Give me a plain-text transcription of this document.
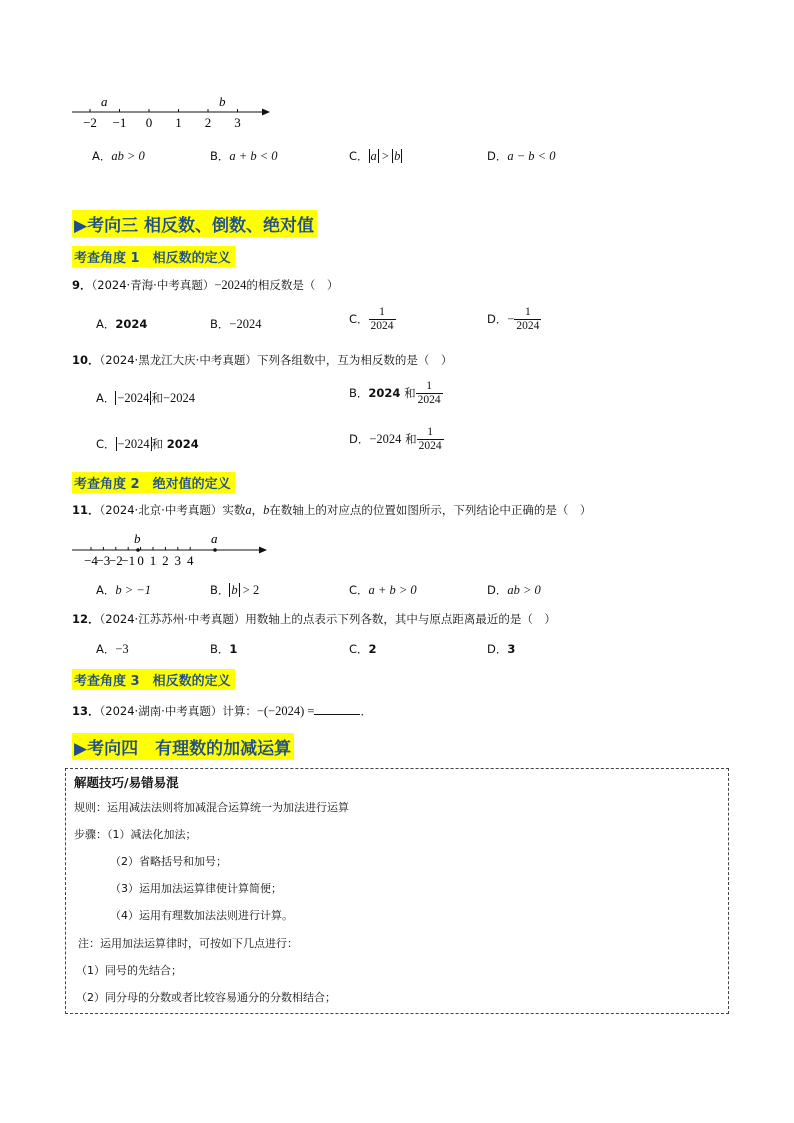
−2 −1 0 1 2 3
a	b
A．ab > 0	B．a + b < 0	C． a > b	D．a − b < 0
▶考向三 相反数、倒数、绝对值
考查角度 1　相反数的定义
9．（2024·青海·中考真题）−2024的相反数是（　）
A．2024	B．−2024	C． $\frac{1}{2024}$	D．− $\frac{1}{2024}$
10．（2024·黑龙江大庆·中考真题）下列各组数中，互为相反数的是（　）
A． −2024 和−2024	B．2024 和 $\frac{1}{2024}$
C． −2024 和 2024	D．−2024 和 $\frac{1}{2024}$
考查角度 2　绝对值的定义
11．（2024·北京·中考真题）实数a，b在数轴上的对应点的位置如图所示，下列结论中正确的是（　）
−4
−3
−2
−1 0 1 2 3 4
b	a
A．b > −1	B． b > 2	C．a + b > 0	D．ab > 0
12．（2024·江苏苏州·中考真题）用数轴上的点表示下列各数，其中与原点距离最近的是（　）
A．−3	B．1	C．2	D．3
考查角度 3　相反数的定义
13．（2024·湖南·中考真题）计算：−(−2024) =	．
▶考向四　有理数的加减运算
解题技巧/易错易混
规则：运用减法法则将加减混合运算统一为加法进行运算
步骤：（1）减法化加法；
（2）省略括号和加号；
（3）运用加法运算律使计算简便；
（4）运用有理数加法法则进行计算。
注：运用加法运算律时，可按如下几点进行：
（1）同号的先结合；
（2）同分母的分数或者比较容易通分的分数相结合；
